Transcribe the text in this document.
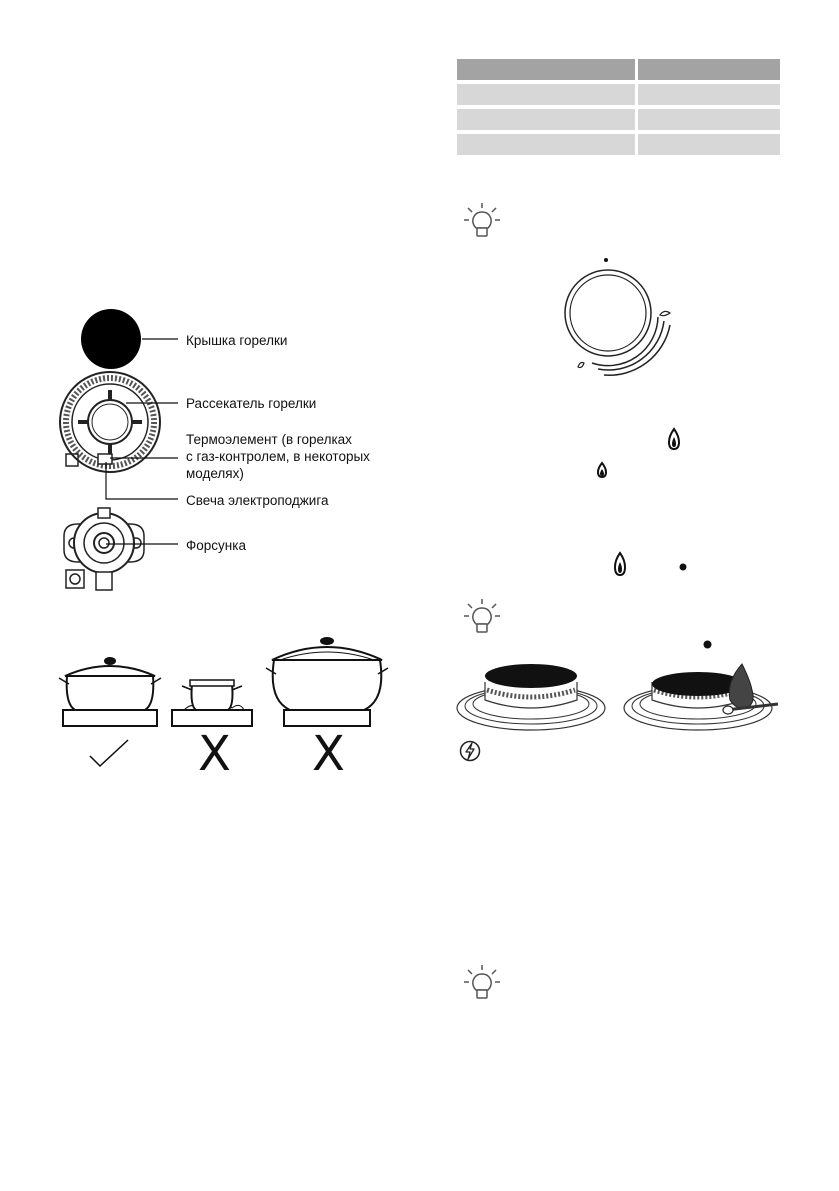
Крышка горелки
Рассекатель горелки
Термоэлемент (в горелках
с газ-контролем, в некоторых
моделях)
Свеча электроподжига
Форсунка
X X
